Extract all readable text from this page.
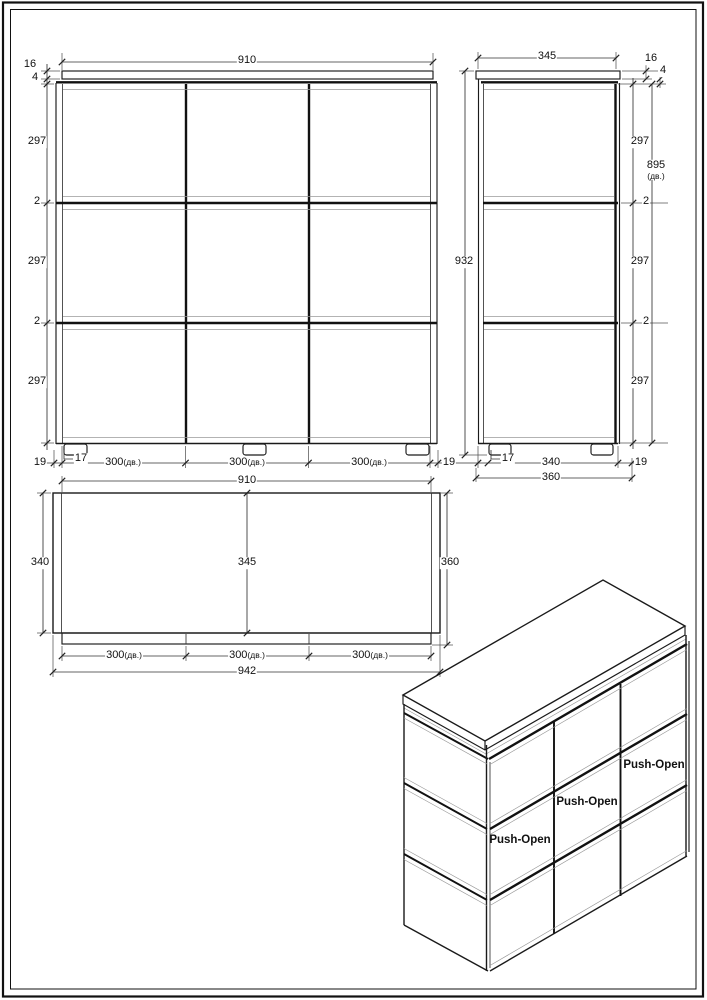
910
16
4
297
2
297
2
297
19	17 300(дв.)	300(дв.)	300(дв.)	19
910
340	345	360
300(дв.)	300(дв.)	300(дв.)
942
345	16
4
297
895
(дв.)
2
297
2
297
932
17	340	19
360
Push-Open
Push-Open
Push-Open
